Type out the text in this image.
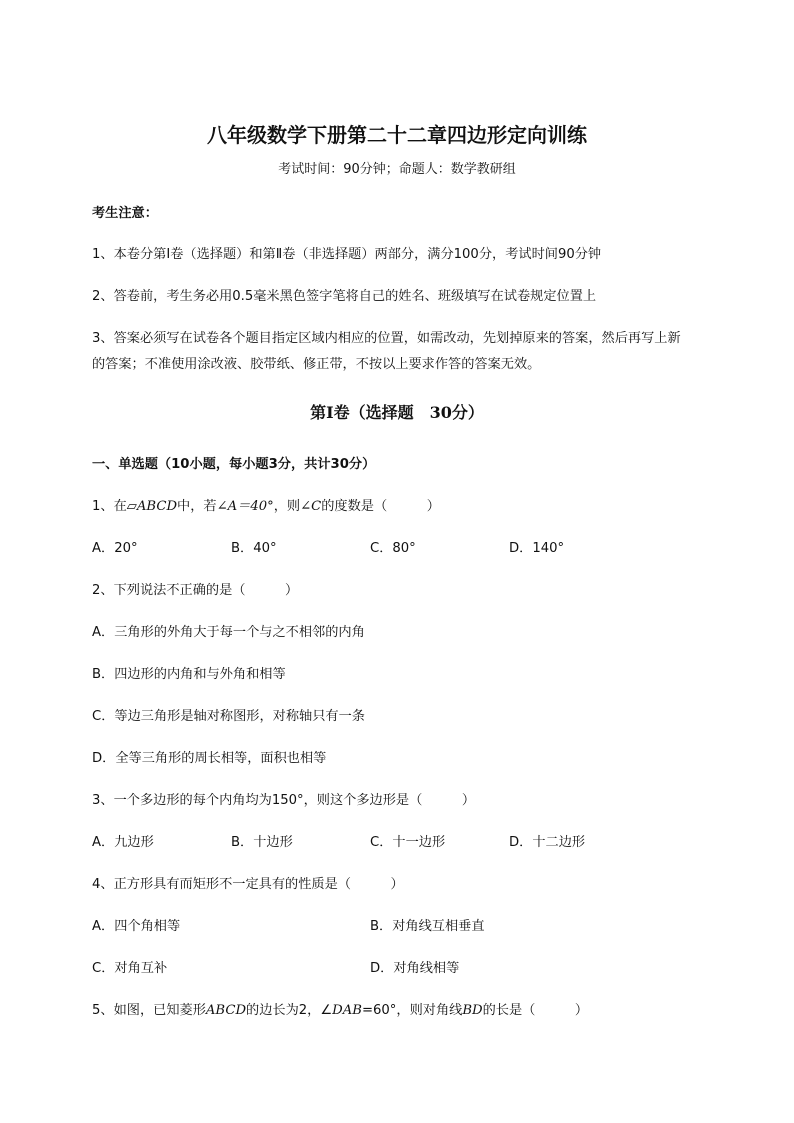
八年级数学下册第二十二章四边形定向训练
考试时间：90分钟；命题人：数学教研组
考生注意：
1、本卷分第I卷（选择题）和第Ⅱ卷（非选择题）两部分，满分100分，考试时间90分钟
2、答卷前，考生务必用0.5毫米黑色签字笔将自己的姓名、班级填写在试卷规定位置上
3、答案必须写在试卷各个题目指定区域内相应的位置，如需改动，先划掉原来的答案，然后再写上新
的答案；不准使用涂改液、胶带纸、修正带，不按以上要求作答的答案无效。
第I卷（选择题　30分）
一、单选题（10小题，每小题3分，共计30分）
1、在▱ABCD中，若∠A＝40°，则∠C的度数是（　　　）
A．20°	B．40°	C．80°	D．140°
2、下列说法不正确的是（　　　）
A．三角形的外角大于每一个与之不相邻的内角
B．四边形的内角和与外角和相等
C．等边三角形是轴对称图形，对称轴只有一条
D．全等三角形的周长相等，面积也相等
3、一个多边形的每个内角均为150°，则这个多边形是（　　　）
A．九边形	B．十边形	C．十一边形	D．十二边形
4、正方形具有而矩形不一定具有的性质是（　　　）
A．四个角相等	B．对角线互相垂直
C．对角互补	D．对角线相等
5、如图，已知菱形ABCD的边长为2，∠DAB=60°，则对角线BD的长是（　　　）
